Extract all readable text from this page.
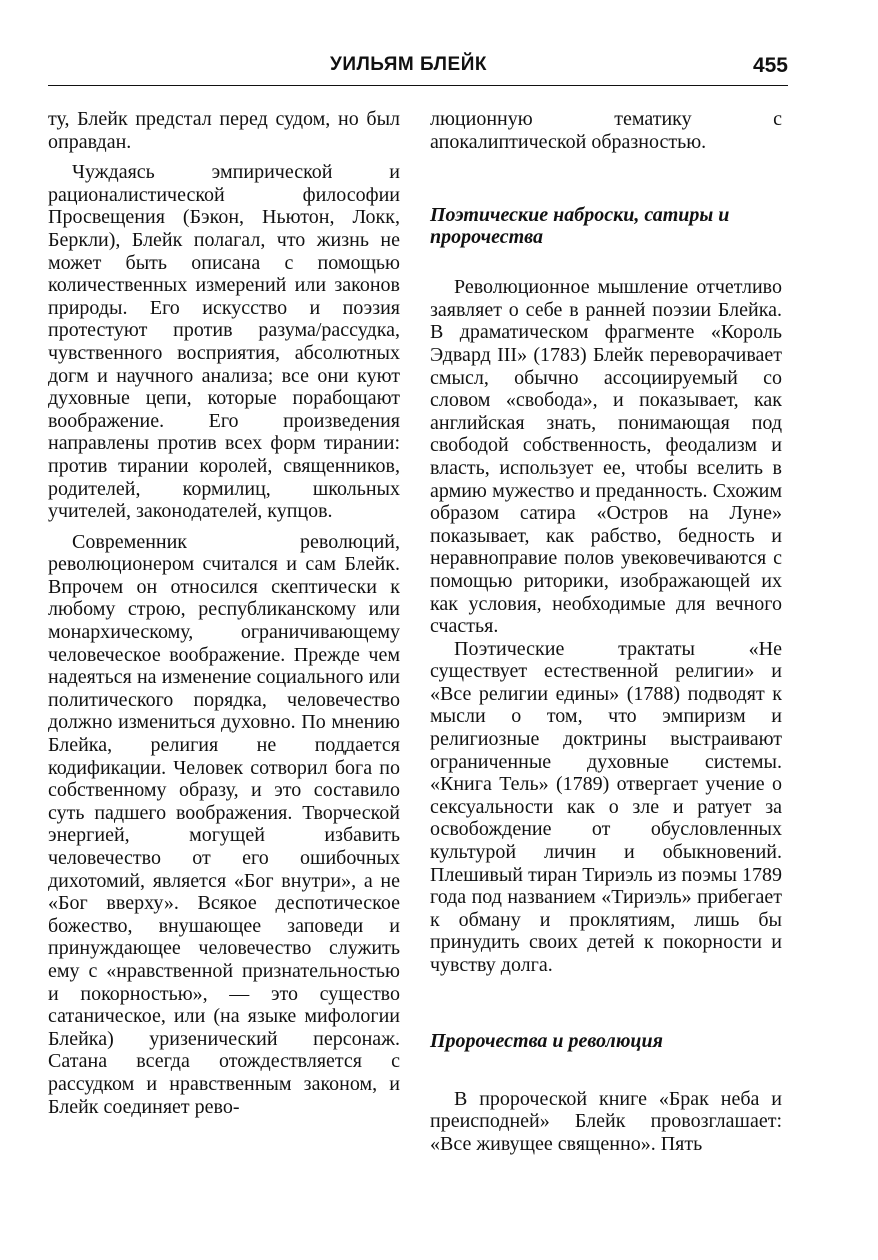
УИЛЬЯМ БЛЕЙК	455

ту, Блейк предстал перед судом, но был оправдан.

Чуждаясь эмпирической и рационалистической философии Просвещения (Бэкон, Ньютон, Локк, Беркли), Блейк полагал, что жизнь не может быть описана с помощью количественных измерений или законов природы. Его искусство и поэзия протестуют против разума/рассудка, чувственного восприятия, абсолютных догм и научного анализа; все они куют духовные цепи, которые порабощают воображение. Его произведения направлены против всех форм тирании: против тирании королей, священников, родителей, кормилиц, школьных учителей, законодателей, купцов.

Современник революций, революционером считался и сам Блейк. Впрочем он относился скептически к любому строю, республиканскому или монархическому, ограничивающему человеческое воображение. Прежде чем надеяться на изменение социального или политического порядка, человечество должно измениться духовно. По мнению Блейка, религия не поддается кодификации. Человек сотворил бога по собственному образу, и это составило суть падшего воображения. Творческой энергией, могущей избавить человечество от его ошибочных дихотомий, является «Бог внутри», а не «Бог вверху». Всякое деспотическое божество, внушающее заповеди и принуждающее человечество служить ему с «нравственной признательностью и покорностью», — это существо сатаническое, или (на языке мифологии Блейка) уризенический персонаж. Сатана всегда отождествляется с рассудком и нравственным законом, и Блейк соединяет рево-

люционную тематику с апокалиптической образностью.

Поэтические наброски, сатиры и пророчества

Революционное мышление отчетливо заявляет о себе в ранней поэзии Блейка. В драматическом фрагменте «Король Эдвард III» (1783) Блейк переворачивает смысл, обычно ассоциируемый со словом «свобода», и показывает, как английская знать, понимающая под свободой собственность, феодализм и власть, использует ее, чтобы вселить в армию мужество и преданность. Схожим образом сатира «Остров на Луне» показывает, как рабство, бедность и неравноправие полов увековечиваются с помощью риторики, изображающей их как условия, необходимые для вечного счастья.

Поэтические трактаты «Не существует естественной религии» и «Все религии едины» (1788) подводят к мысли о том, что эмпиризм и религиозные доктрины выстраивают ограниченные духовные системы. «Книга Тель» (1789) отвергает учение о сексуальности как о зле и ратует за освобождение от обусловленных культурой личин и обыкновений. Плешивый тиран Тириэль из поэмы 1789 года под названием «Тириэль» прибегает к обману и проклятиям, лишь бы принудить своих детей к покорности и чувству долга.

Пророчества и революция

В пророческой книге «Брак неба и преисподней» Блейк провозглашает: «Все живущее священно». Пять
